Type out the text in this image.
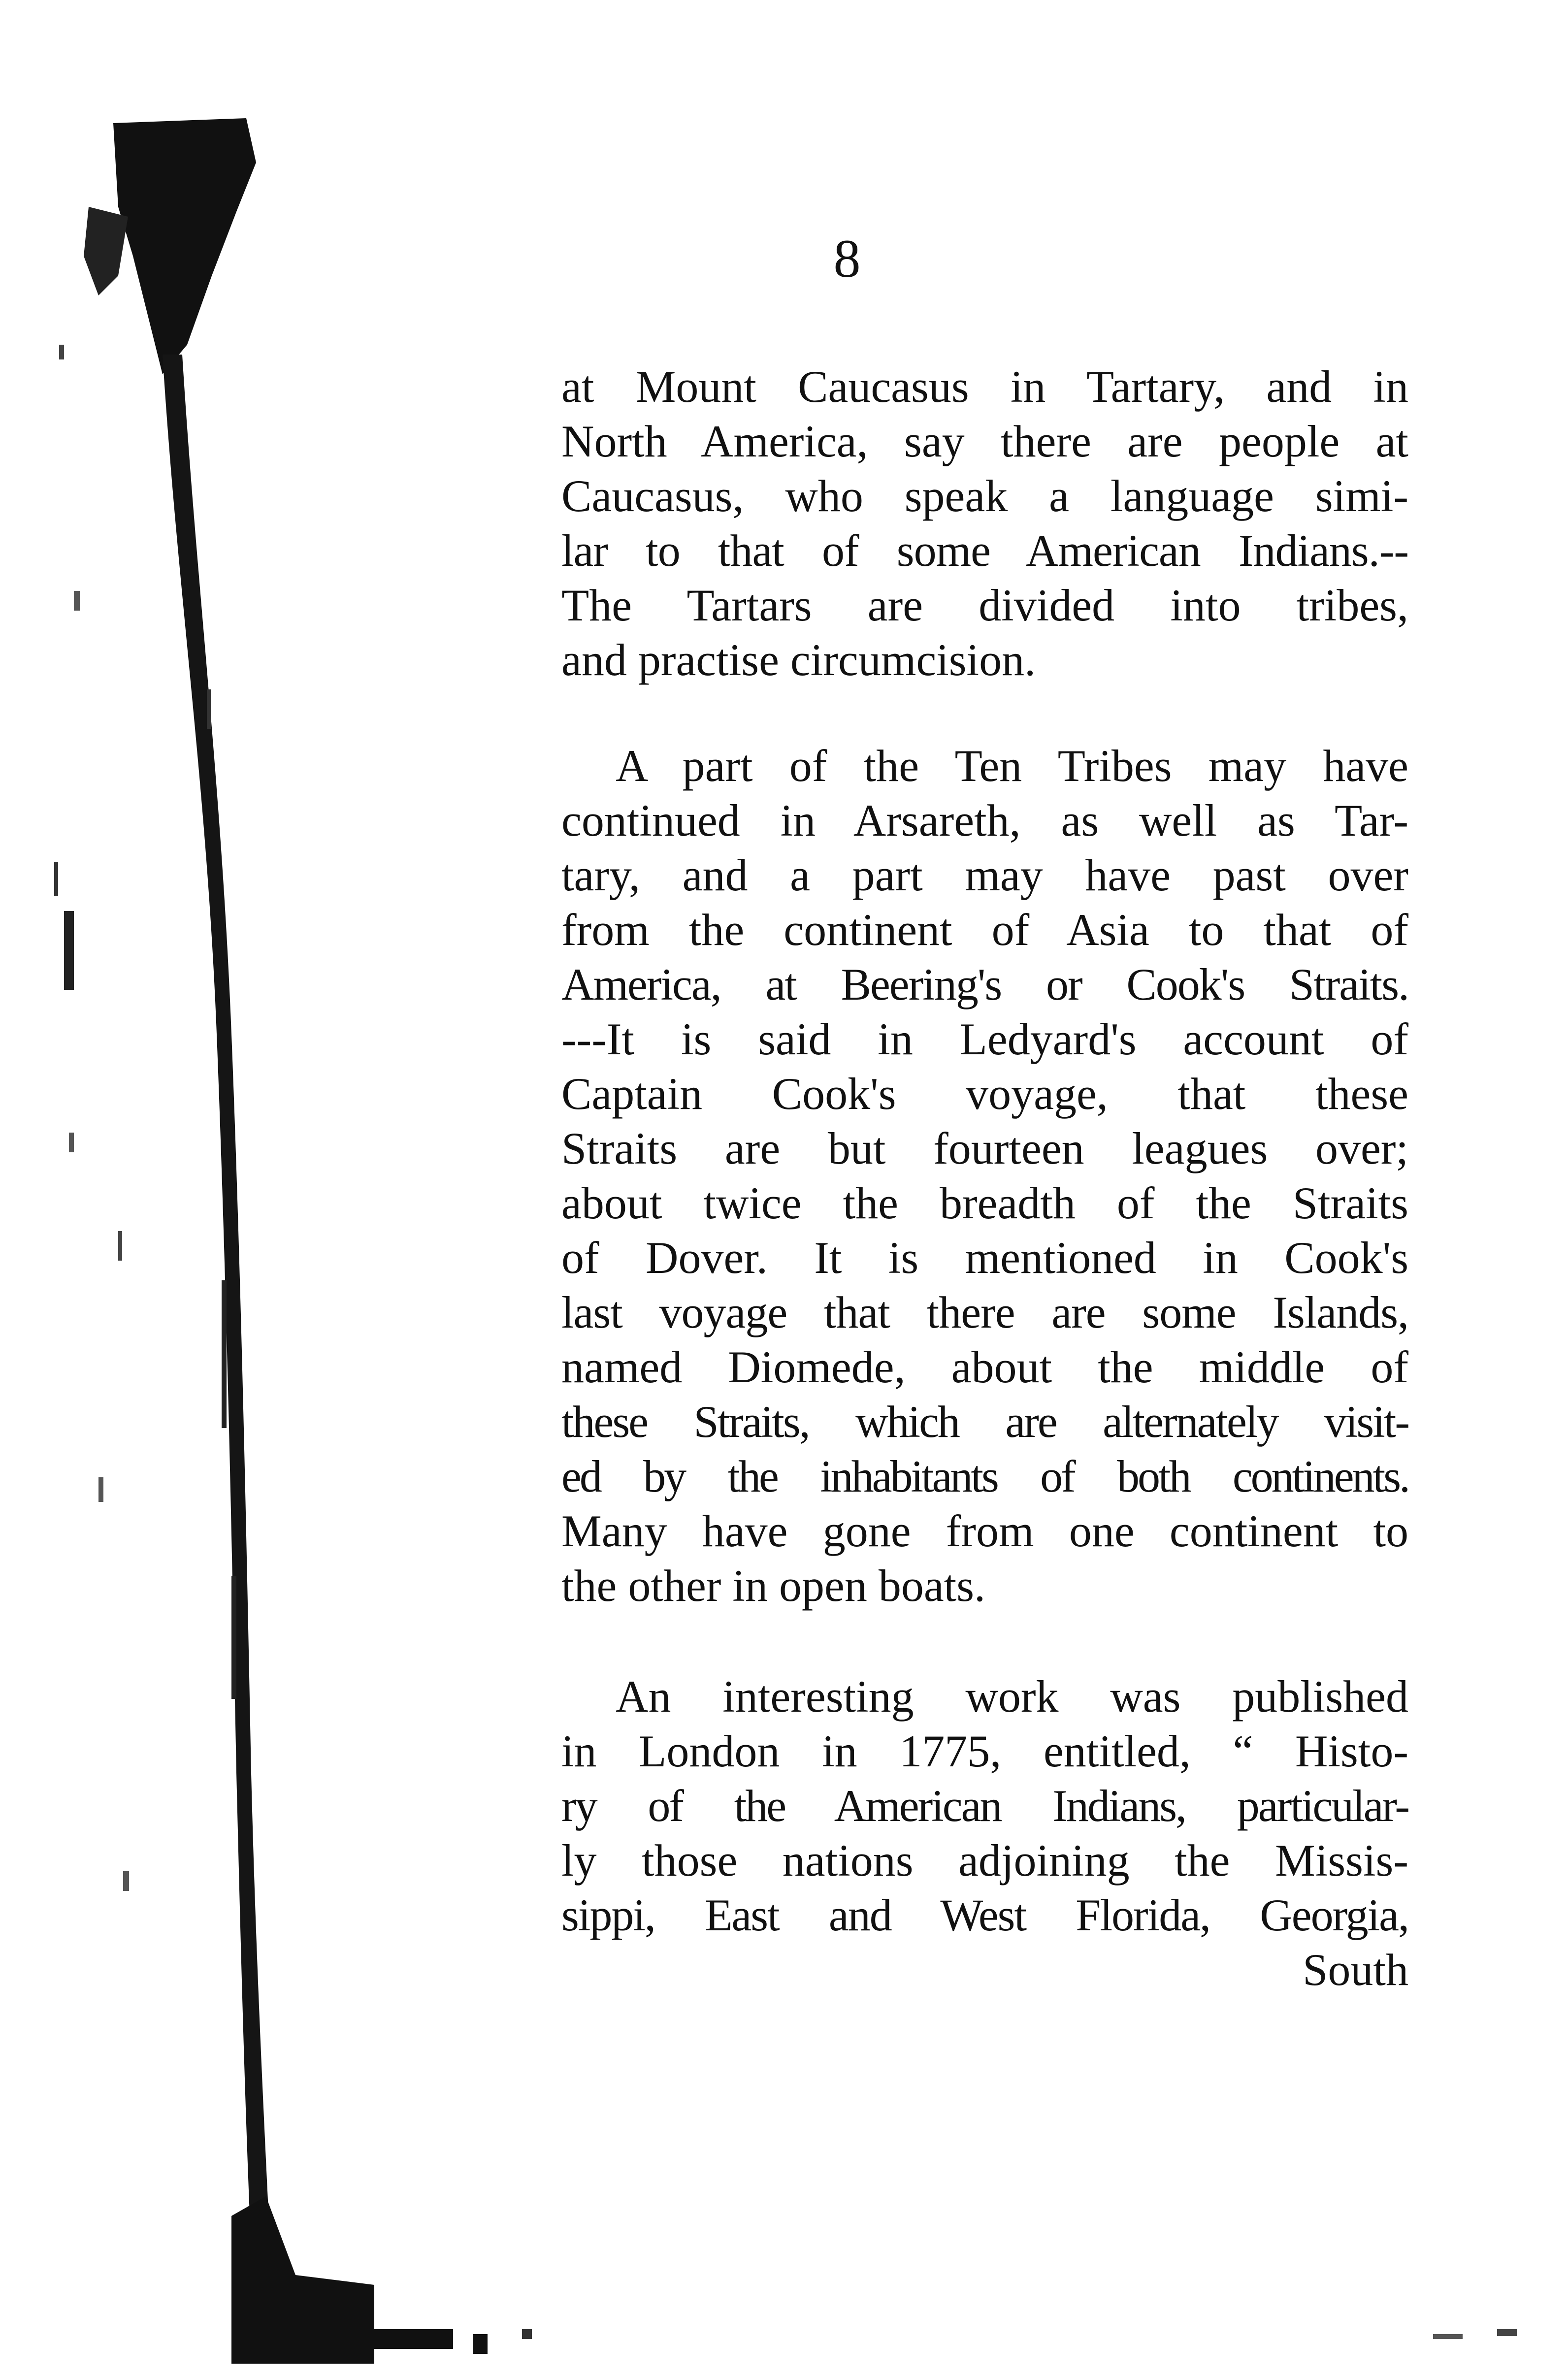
8
at Mount Caucasus in Tartary, and in
North America, say there are people at
Caucasus, who speak a language simi-
lar to that of some American Indians.--
The Tartars are divided into tribes,
and practise circumcision.
A part of the Ten Tribes may have
continued in Arsareth, as well as Tar-
tary, and a part may have past over
from the continent of Asia to that of
America, at Beering's or Cook's Straits.
---It is said in Ledyard's account of
Captain Cook's voyage, that these
Straits are but fourteen leagues over;
about twice the breadth of the Straits
of Dover. It is mentioned in Cook's
last voyage that there are some Islands,
named Diomede, about the middle of
these Straits, which are alternately visit-
ed by the inhabitants of both continents.
Many have gone from one continent to
the other in open boats.
An interesting work was published
in London in 1775, entitled, “ Histo-
ry of the American Indians, particular-
ly those nations adjoining the Missis-
sippi, East and West Florida, Georgia,
South
